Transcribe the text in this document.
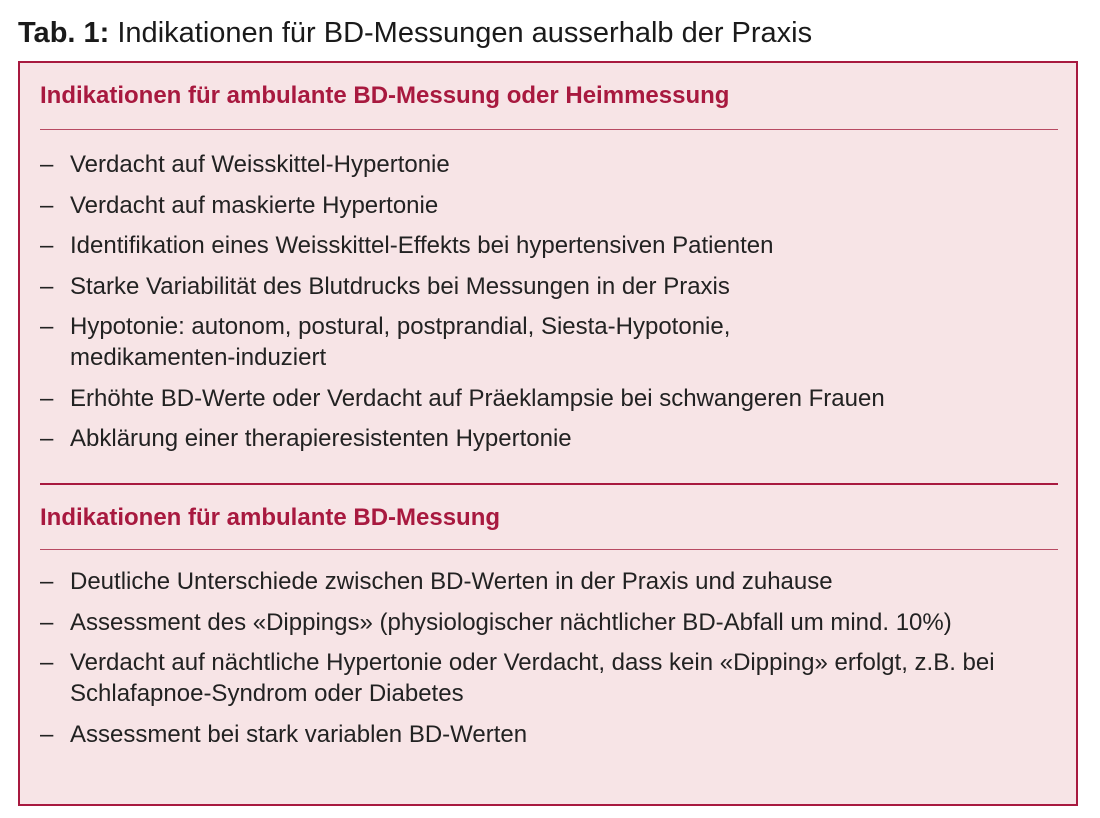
Tab. 1: Indikationen für BD-Messungen ausserhalb der Praxis
Indikationen für ambulante BD-Messung oder Heimmessung
– Verdacht auf Weisskittel-Hypertonie
– Verdacht auf maskierte Hypertonie
– Identifikation eines Weisskittel-Effekts bei hypertensiven Patienten
– Starke Variabilität des Blutdrucks bei Messungen in der Praxis
– Hypotonie: autonom, postural, postprandial, Siesta-Hypotonie, medikamenten-induziert
– Erhöhte BD-Werte oder Verdacht auf Präeklampsie bei schwangeren Frauen
– Abklärung einer therapieresistenten Hypertonie
Indikationen für ambulante BD-Messung
– Deutliche Unterschiede zwischen BD-Werten in der Praxis und zuhause
– Assessment des «Dippings» (physiologischer nächtlicher BD-Abfall um mind. 10%)
– Verdacht auf nächtliche Hypertonie oder Verdacht, dass kein «Dipping» erfolgt, z.B. bei Schlafapnoe-Syndrom oder Diabetes
– Assessment bei stark variablen BD-Werten
